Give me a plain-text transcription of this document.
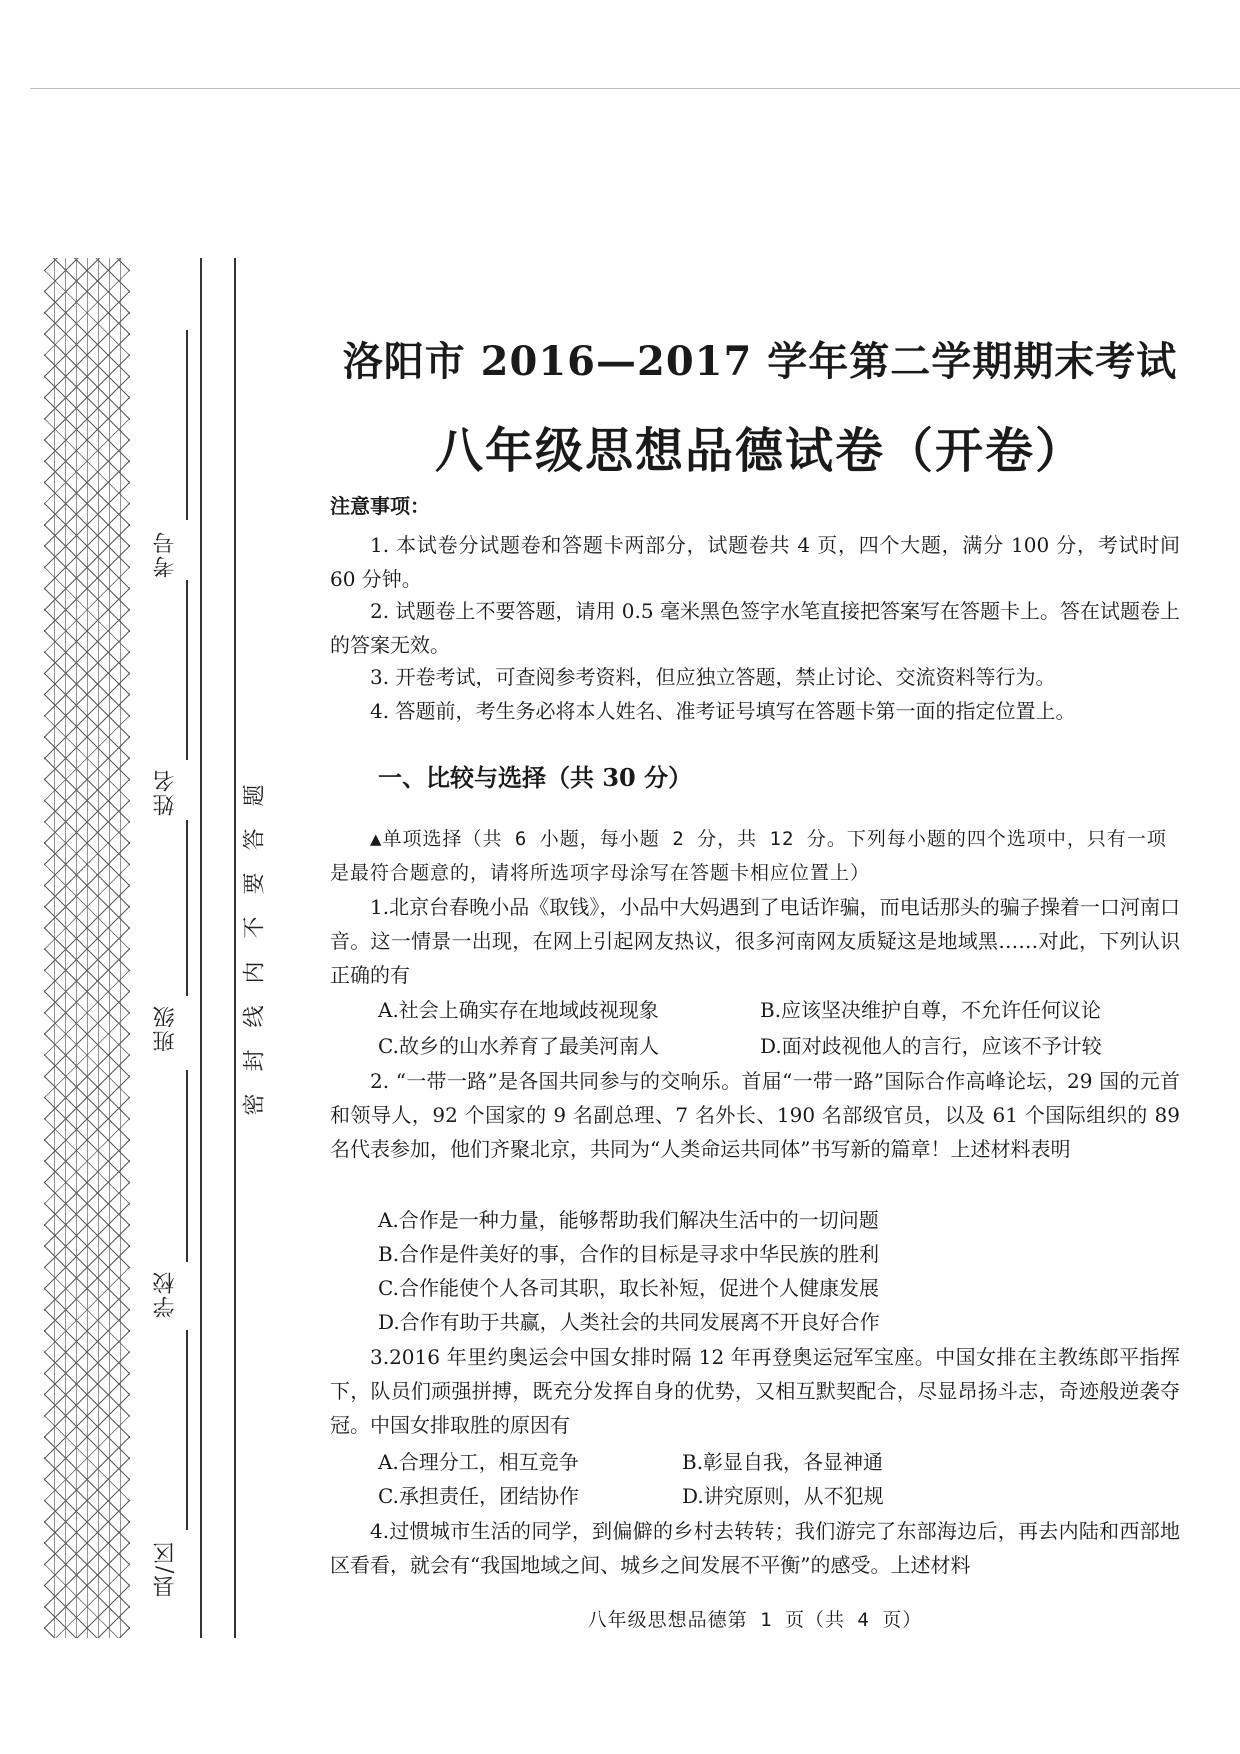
考号
姓名
班级
学校
县/区
题
答
要
不
内
线
封
密
洛阳市 2016—2017 学年第二学期期末考试
八年级思想品德试卷（开卷）
注意事项：
1. 本试卷分试题卷和答题卡两部分，试题卷共 4 页，四个大题，满分 100 分，考试时间 60 分钟。
2. 试题卷上不要答题，请用 0.5 毫米黑色签字水笔直接把答案写在答题卡上。答在试题卷上的答案无效。
3. 开卷考试，可查阅参考资料，但应独立答题，禁止讨论、交流资料等行为。
4. 答题前，考生务必将本人姓名、准考证号填写在答题卡第一面的指定位置上。
一、比较与选择（共 30 分）
▲单项选择（共 6 小题，每小题 2 分，共 12 分。下列每小题的四个选项中，只有一项是最符合题意的，请将所选项字母涂写在答题卡相应位置上）
1.北京台春晚小品《取钱》，小品中大妈遇到了电话诈骗，而电话那头的骗子操着一口河南口音。这一情景一出现，在网上引起网友热议，很多河南网友质疑这是地域黑……对此，下列认识正确的有
A.社会上确实存在地域歧视现象	B.应该坚决维护自尊，不允许任何议论
C.故乡的山水养育了最美河南人	D.面对歧视他人的言行，应该不予计较
2. “一带一路”是各国共同参与的交响乐。首届“一带一路”国际合作高峰论坛，29 国的元首和领导人，92 个国家的 9 名副总理、7 名外长、190 名部级官员，以及 61 个国际组织的 89 名代表参加，他们齐聚北京，共同为“人类命运共同体”书写新的篇章！上述材料表明
A.合作是一种力量，能够帮助我们解决生活中的一切问题
B.合作是件美好的事，合作的目标是寻求中华民族的胜利
C.合作能使个人各司其职，取长补短，促进个人健康发展
D.合作有助于共赢，人类社会的共同发展离不开良好合作
3.2016 年里约奥运会中国女排时隔 12 年再登奥运冠军宝座。中国女排在主教练郎平指挥下，队员们顽强拼搏，既充分发挥自身的优势，又相互默契配合，尽显昂扬斗志，奇迹般逆袭夺冠。中国女排取胜的原因有
A.合理分工，相互竞争	B.彰显自我，各显神通
C.承担责任，团结协作	D.讲究原则，从不犯规
4.过惯城市生活的同学，到偏僻的乡村去转转；我们游完了东部海边后，再去内陆和西部地区看看，就会有“我国地域之间、城乡之间发展不平衡”的感受。上述材料
八年级思想品德第 1 页（共 4 页）
